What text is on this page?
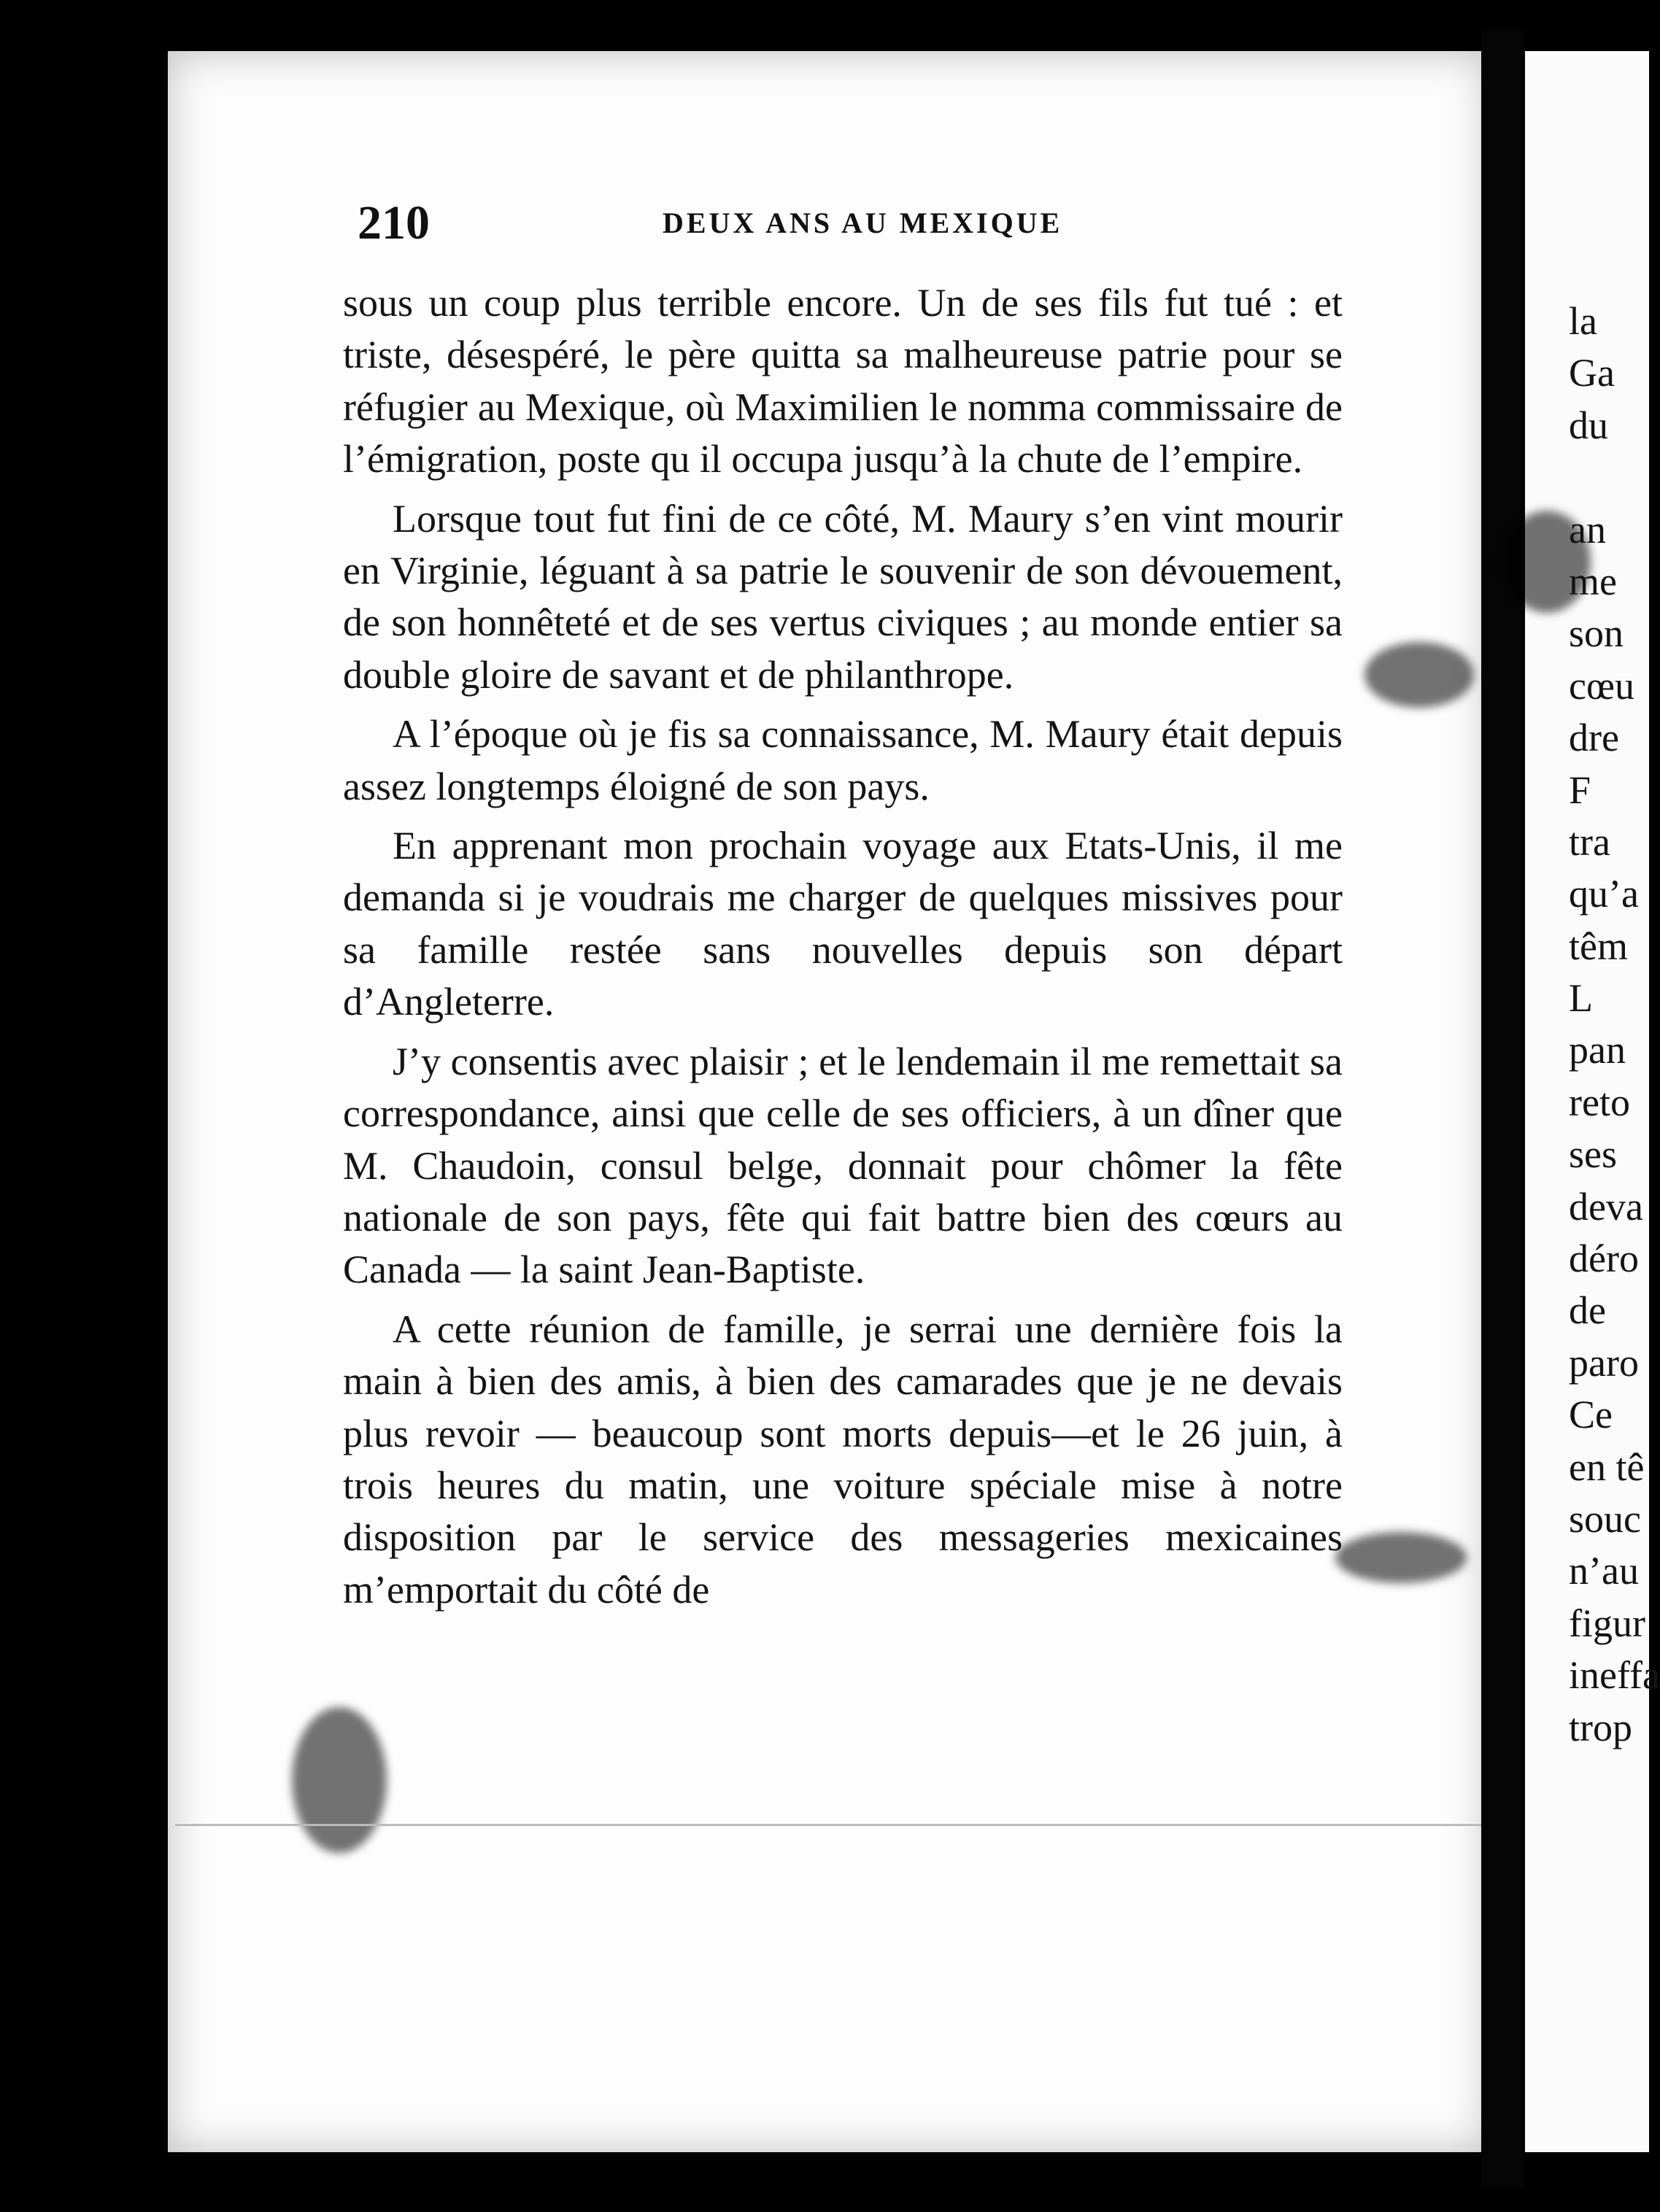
210	DEUX ANS AU MEXIQUE

sous un coup plus terrible encore. Un de ses fils fut tué : et triste, désespéré, le père quitta sa malheureuse patrie pour se réfugier au Mexique, où Maximilien le nomma commissaire de l’émigration, poste qu il occupa jusqu’à la chute de l’empire.

Lorsque tout fut fini de ce côté, M. Maury s’en vint mourir en Virginie, léguant à sa patrie le souvenir de son dévouement, de son honnêteté et de ses vertus civiques ; au monde entier sa double gloire de savant et de philanthrope.

A l’époque où je fis sa connaissance, M. Maury était depuis assez longtemps éloigné de son pays.

En apprenant mon prochain voyage aux Etats-Unis, il me demanda si je voudrais me charger de quelques missives pour sa famille restée sans nouvelles depuis son départ d’Angleterre.

J’y consentis avec plaisir ; et le lendemain il me remettait sa correspondance, ainsi que celle de ses officiers, à un dîner que M. Chaudoin, consul belge, donnait pour chômer la fête nationale de son pays, fête qui fait battre bien des cœurs au Canada — la saint Jean-Baptiste.

A cette réunion de famille, je serrai une dernière fois la main à bien des amis, à bien des camarades que je ne devais plus revoir — beaucoup sont morts depuis—et le 26 juin, à trois heures du matin, une voiture spéciale mise à notre disposition par le service des messageries mexicaines m’emportait du côté de

la
Ga
du
an
me
son
cœu
dre
F
tra
qu’a
têm
L
pan
reto
ses
deva
déro
de
paro
Ce
en tê
souc
n’au
figur
ineffa
trop
